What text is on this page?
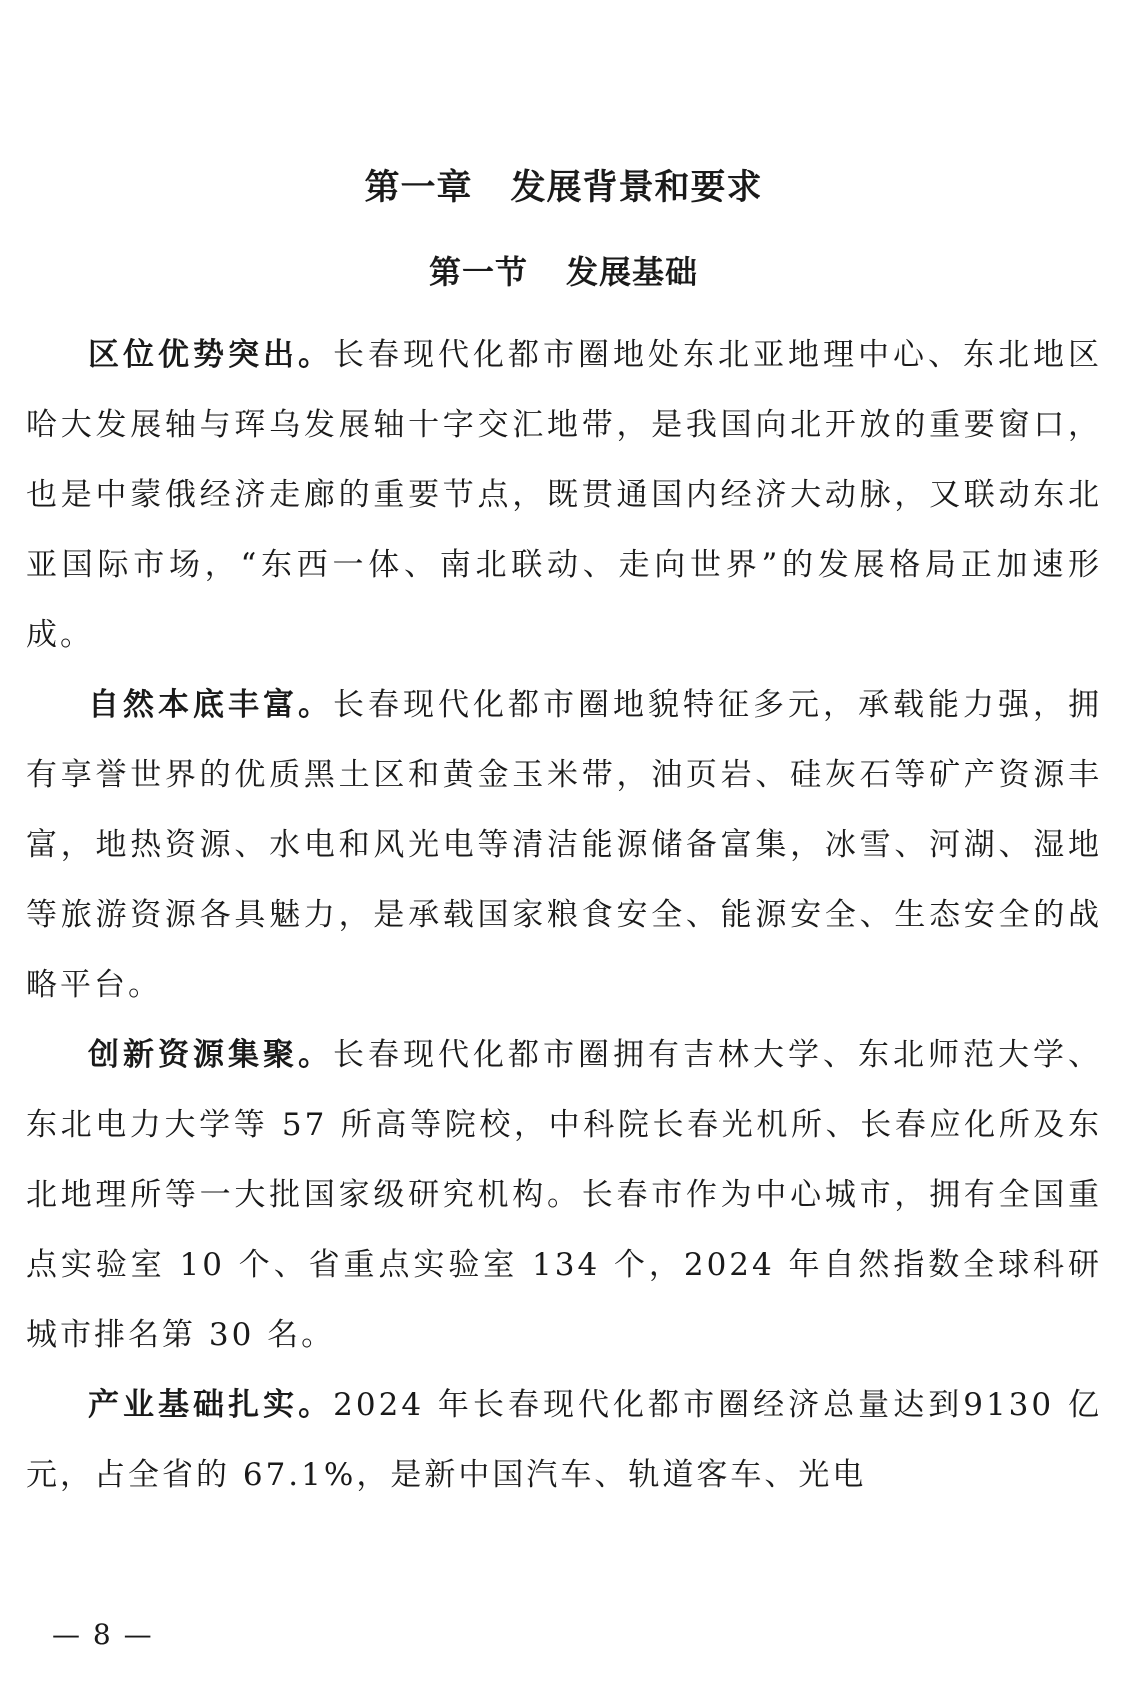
第一章 发展背景和要求
第一节 发展基础

区位优势突出。长春现代化都市圈地处东北亚地理中心、东北地区哈大发展轴与珲乌发展轴十字交汇地带，是我国向北开放的重要窗口，也是中蒙俄经济走廊的重要节点，既贯通国内经济大动脉，又联动东北亚国际市场，“东西一体、南北联动、走向世界”的发展格局正加速形成。

自然本底丰富。长春现代化都市圈地貌特征多元，承载能力强，拥有享誉世界的优质黑土区和黄金玉米带，油页岩、硅灰石等矿产资源丰富，地热资源、水电和风光电等清洁能源储备富集，冰雪、河湖、湿地等旅游资源各具魅力，是承载国家粮食安全、能源安全、生态安全的战略平台。

创新资源集聚。长春现代化都市圈拥有吉林大学、东北师范大学、东北电力大学等 57 所高等院校，中科院长春光机所、长春应化所及东北地理所等一大批国家级研究机构。长春市作为中心城市，拥有全国重点实验室 10 个、省重点实验室 134 个，2024 年自然指数全球科研城市排名第 30 名。

产业基础扎实。2024 年长春现代化都市圈经济总量达到9130 亿元，占全省的 67.1%，是新中国汽车、轨道客车、光电

— 8 —
